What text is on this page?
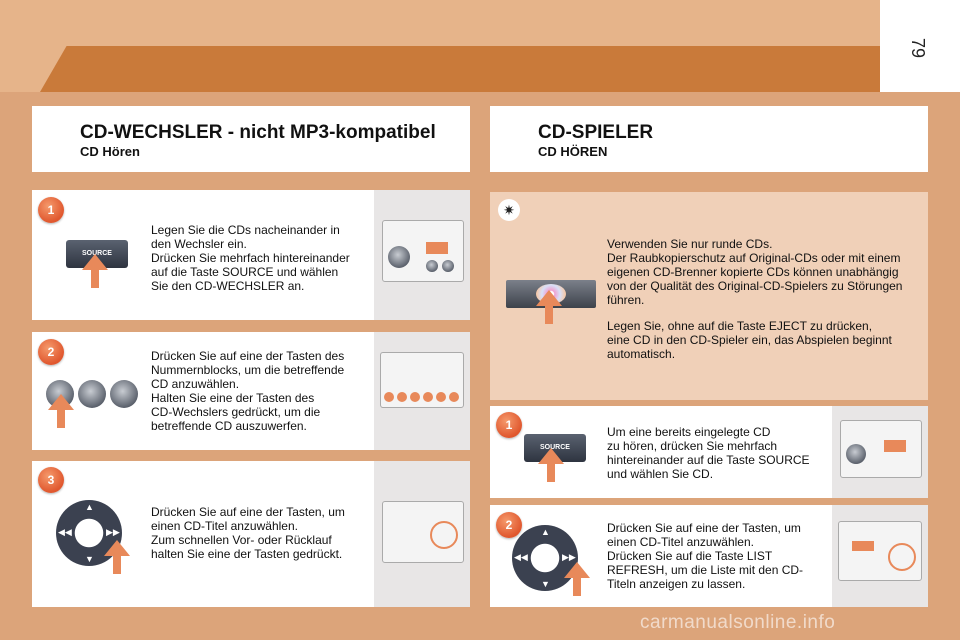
79
CD-WECHSLER - nicht MP3-kompatibel
CD Hören
CD-SPIELER
CD HÖREN
1
SOURCE
Legen Sie die CDs nacheinander in
den Wechsler ein.
Drücken Sie mehrfach hintereinander
auf die Taste SOURCE und wählen
Sie den CD-WECHSLER an.
2	Drücken Sie auf eine der Tasten des
Nummernblocks, um die betreffende
CD anzuwählen.
Halten Sie eine der Tasten des
CD-Wechslers gedrückt, um die
betreffende CD auszuwerfen.
3
▲
▼
◀◀	▶▶
Drücken Sie auf eine der Tasten, um
einen CD-Titel anzuwählen.
Zum schnellen Vor- oder Rücklauf
halten Sie eine der Tasten gedrückt.
✷
Verwenden Sie nur runde CDs.
Der Raubkopierschutz auf Original-CDs oder mit einem
eigenen CD-Brenner kopierte CDs können unabhängig
von der Qualität des Original-CD-Spielers zu Störungen
führen.
Legen Sie, ohne auf die Taste EJECT zu drücken,
eine CD in den CD-Spieler ein, das Abspielen beginnt
automatisch.
1
SOURCE
Um eine bereits eingelegte CD
zu hören, drücken Sie mehrfach
hintereinander auf die Taste SOURCE
und wählen Sie CD.
2	▲
▼
◀◀	▶▶
Drücken Sie auf eine der Tasten, um
einen CD-Titel anzuwählen.
Drücken Sie auf die Taste LIST
REFRESH, um die Liste mit den CD-
Titeln anzeigen zu lassen.
carmanualsonline.info
